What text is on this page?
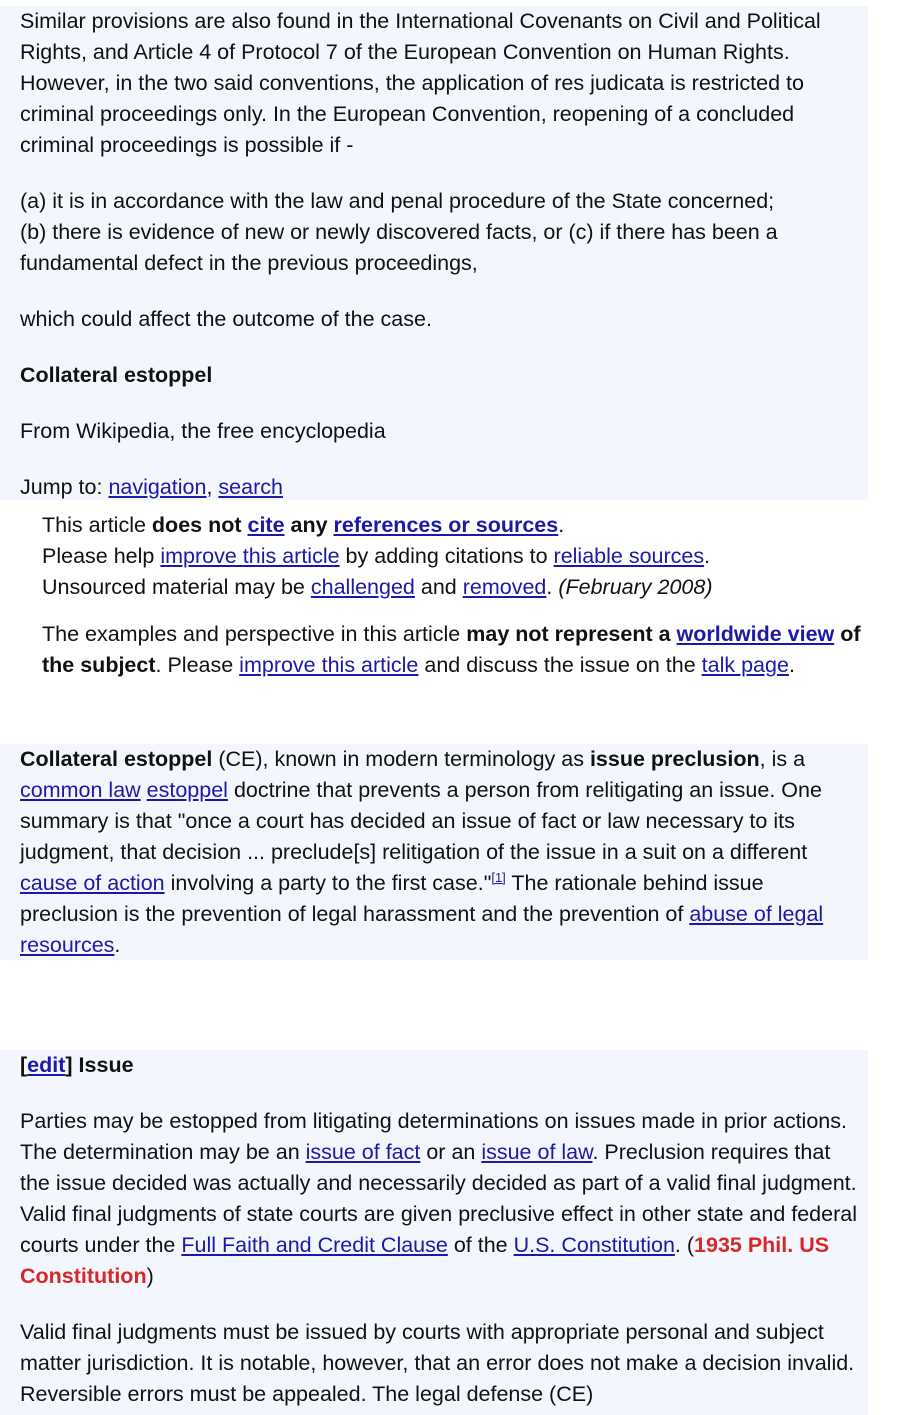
Similar provisions are also found in the International Covenants on Civil and Political Rights, and Article 4 of Protocol 7 of the European Convention on Human Rights. However, in the two said conventions, the application of res judicata is restricted to criminal proceedings only. In the European Convention, reopening of a concluded criminal proceedings is possible if -

(a) it is in accordance with the law and penal procedure of the State concerned;
(b) there is evidence of new or newly discovered facts, or (c) if there has been a fundamental defect in the previous proceedings,

which could affect the outcome of the case.

Collateral estoppel

From Wikipedia, the free encyclopedia

Jump to: navigation, search

This article does not cite any references or sources.
Please help improve this article by adding citations to reliable sources.
Unsourced material may be challenged and removed. (February 2008)

The examples and perspective in this article may not represent a worldwide view of the subject. Please improve this article and discuss the issue on the talk page.

Collateral estoppel (CE), known in modern terminology as issue preclusion, is a common law estoppel doctrine that prevents a person from relitigating an issue. One summary is that "once a court has decided an issue of fact or law necessary to its judgment, that decision ... preclude[s] relitigation of the issue in a suit on a different cause of action involving a party to the first case."[1] The rationale behind issue preclusion is the prevention of legal harassment and the prevention of abuse of legal resources.

[edit] Issue

Parties may be estopped from litigating determinations on issues made in prior actions. The determination may be an issue of fact or an issue of law. Preclusion requires that the issue decided was actually and necessarily decided as part of a valid final judgment. Valid final judgments of state courts are given preclusive effect in other state and federal courts under the Full Faith and Credit Clause of the U.S. Constitution. (1935 Phil. US Constitution)

Valid final judgments must be issued by courts with appropriate personal and subject matter jurisdiction. It is notable, however, that an error does not make a decision invalid. Reversible errors must be appealed. The legal defense (CE)
